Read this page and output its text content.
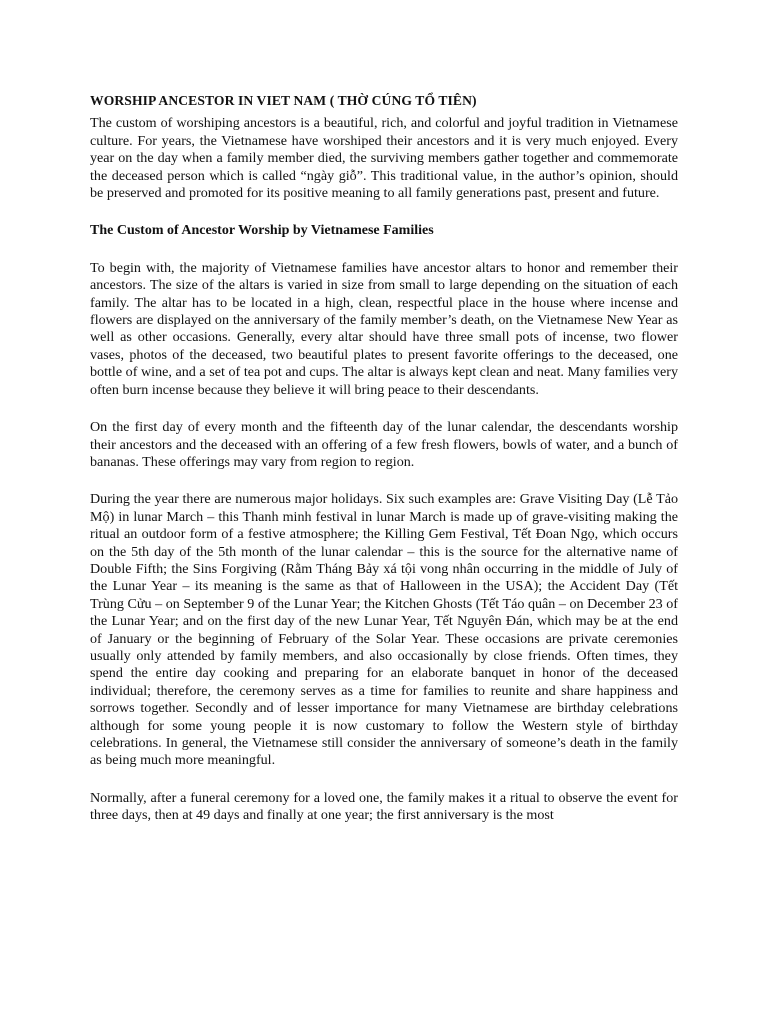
WORSHIP ANCESTOR IN VIET NAM ( THỜ CÚNG TỔ TIÊN)

The custom of worshiping ancestors is a beautiful, rich, and colorful and joyful tradition in Vietnamese culture. For years, the Vietnamese have worshiped their ancestors and it is very much enjoyed. Every year on the day when a family member died, the surviving members gather together and commemorate the deceased person which is called “ngày giỗ”. This traditional value, in the author’s opinion, should be preserved and promoted for its positive meaning to all family generations past, present and future.

The Custom of Ancestor Worship by Vietnamese Families

To begin with, the majority of Vietnamese families have ancestor altars to honor and remember their ancestors. The size of the altars is varied in size from small to large depending on the situation of each family. The altar has to be located in a high, clean, respectful place in the house where incense and flowers are displayed on the anniversary of the family member’s death, on the Vietnamese New Year as well as other occasions. Generally, every altar should have three small pots of incense, two flower vases, photos of the deceased, two beautiful plates to present favorite offerings to the deceased, one bottle of wine, and a set of tea pot and cups. The altar is always kept clean and neat. Many families very often burn incense because they believe it will bring peace to their descendants.

On the first day of every month and the fifteenth day of the lunar calendar, the descendants worship their ancestors and the deceased with an offering of a few fresh flowers, bowls of water, and a bunch of bananas. These offerings may vary from region to region.

During the year there are numerous major holidays. Six such examples are: Grave Visiting Day (Lễ Tảo Mộ) in lunar March – this Thanh minh festival in lunar March is made up of grave-visiting making the ritual an outdoor form of a festive atmosphere; the Killing Gem Festival, Tết Đoan Ngọ, which occurs on the 5th day of the 5th month of the lunar calendar – this is the source for the alternative name of Double Fifth; the Sins Forgiving (Rằm Tháng Bảy xá tội vong nhân occurring in the middle of July of the Lunar Year – its meaning is the same as that of Halloween in the USA); the Accident Day (Tết Trùng Cửu – on September 9 of the Lunar Year; the Kitchen Ghosts (Tết Táo quân – on December 23 of the Lunar Year; and on the first day of the new Lunar Year, Tết Nguyên Đán, which may be at the end of January or the beginning of February of the Solar Year. These occasions are private ceremonies usually only attended by family members, and also occasionally by close friends. Often times, they spend the entire day cooking and preparing for an elaborate banquet in honor of the deceased individual; therefore, the ceremony serves as a time for families to reunite and share happiness and sorrows together. Secondly and of lesser importance for many Vietnamese are birthday celebrations although for some young people it is now customary to follow the Western style of birthday celebrations. In general, the Vietnamese still consider the anniversary of someone’s death in the family as being much more meaningful.

Normally, after a funeral ceremony for a loved one, the family makes it a ritual to observe the event for three days, then at 49 days and finally at one year; the first anniversary is the most
